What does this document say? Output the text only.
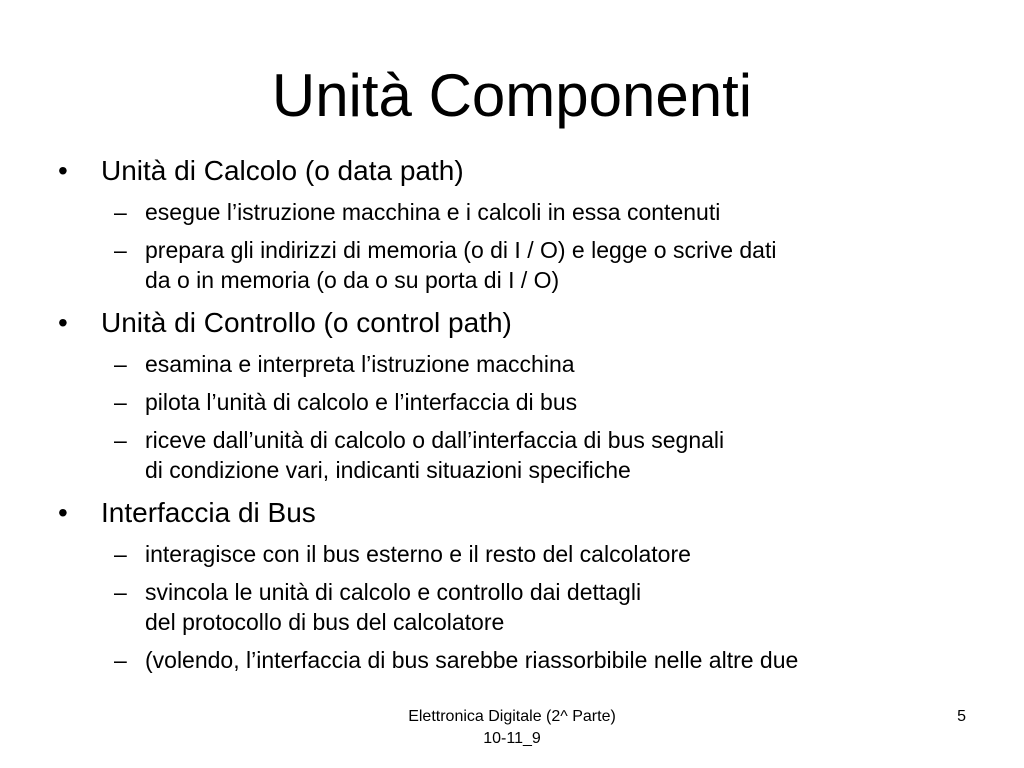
Unità Componenti
• Unità di Calcolo (o data path)
– esegue l’istruzione macchina e i calcoli in essa contenuti
– prepara gli indirizzi di memoria (o di I / O) e legge o scrive dati
da o in memoria (o da o su porta di I / O)
• Unità di Controllo (o control path)
– esamina e interpreta l’istruzione macchina
– pilota l’unità di calcolo e l’interfaccia di bus
– riceve dall’unità di calcolo o dall’interfaccia di bus segnali
di condizione vari, indicanti situazioni specifiche
• Interfaccia di Bus
– interagisce con il bus esterno e il resto del calcolatore
– svincola le unità di calcolo e controllo dai dettagli
del protocollo di bus del calcolatore
– (volendo, l’interfaccia di bus sarebbe riassorbibile nelle altre due
Elettronica Digitale (2^ Parte)
10-11_9
5
